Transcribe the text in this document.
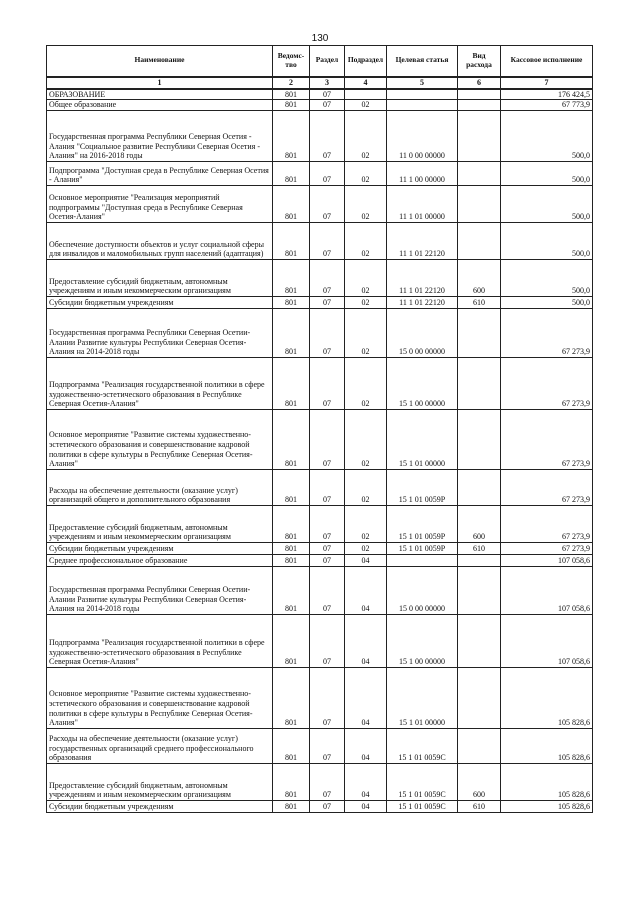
130
Наименование	Ведомс-тво	Раздел	Подраздел	Целевая статья	Вид расхода	Кассовое исполнение
1	2	3	4	5	6	7
ОБРАЗОВАНИЕ	801	07				176 424,5
Общее образование	801	07	02			67 773,9
Государственная программа Республики Северная Осетия - Алания "Социальное развитие Республики Северная Осетия - Алания" на 2016-2018 годы	801	07	02	11 0 00 00000		500,0
Подпрограмма "Доступная среда в Республике Северная Осетия - Алания"	801	07	02	11 1 00 00000		500,0
Основное мероприятие "Реализация мероприятий подпрограммы "Доступная среда в Республике Северная Осетия-Алания"	801	07	02	11 1 01 00000		500,0
Обеспечение доступности объектов и услуг социальной сферы для инвалидов и маломобильных групп населений (адаптация)	801	07	02	11 1 01 22120		500,0
Предоставление субсидий бюджетным, автономным учреждениям и иным некоммерческим организациям	801	07	02	11 1 01 22120	600	500,0
Субсидии бюджетным учреждениям	801	07	02	11 1 01 22120	610	500,0
Государственная программа Республики Северная Осетии-Алании Развитие культуры Республики Северная Осетия-Алания на 2014-2018 годы	801	07	02	15 0 00 00000		67 273,9
Подпрограмма "Реализация государственной политики в сфере художественно-эстетического образования в Республике Северная Осетия-Алания"	801	07	02	15 1 00 00000		67 273,9
Основное мероприятие "Развитие системы художественно-эстетического образования и совершенствование кадровой политики в сфере культуры в Республике Северная Осетия-Алания"	801	07	02	15 1 01 00000		67 273,9
Расходы на обеспечение деятельности (оказание услуг) организаций общего и дополнительного образования	801	07	02	15 1 01 0059Р		67 273,9
Предоставление субсидий бюджетным, автономным учреждениям и иным некоммерческим организациям	801	07	02	15 1 01 0059Р	600	67 273,9
Субсидии бюджетным учреждениям	801	07	02	15 1 01 0059Р	610	67 273,9
Среднее профессиональное образование	801	07	04			107 058,6
Государственная программа Республики Северная Осетии-Алании Развитие культуры Республики Северная Осетия-Алания на 2014-2018 годы	801	07	04	15 0 00 00000		107 058,6
Подпрограмма "Реализация государственной политики в сфере художественно-эстетического образования в Республике Северная Осетия-Алания"	801	07	04	15 1 00 00000		107 058,6
Основное мероприятие "Развитие системы художественно-эстетического образования и совершенствование кадровой политики в сфере культуры в Республике Северная Осетия-Алания"	801	07	04	15 1 01 00000		105 828,6
Расходы на обеспечение деятельности (оказание услуг) государственных организаций среднего профессионального образования	801	07	04	15 1 01 0059С		105 828,6
Предоставление субсидий бюджетным, автономным учреждениям и иным некоммерческим организациям	801	07	04	15 1 01 0059С	600	105 828,6
Субсидии бюджетным учреждениям	801	07	04	15 1 01 0059С	610	105 828,6
